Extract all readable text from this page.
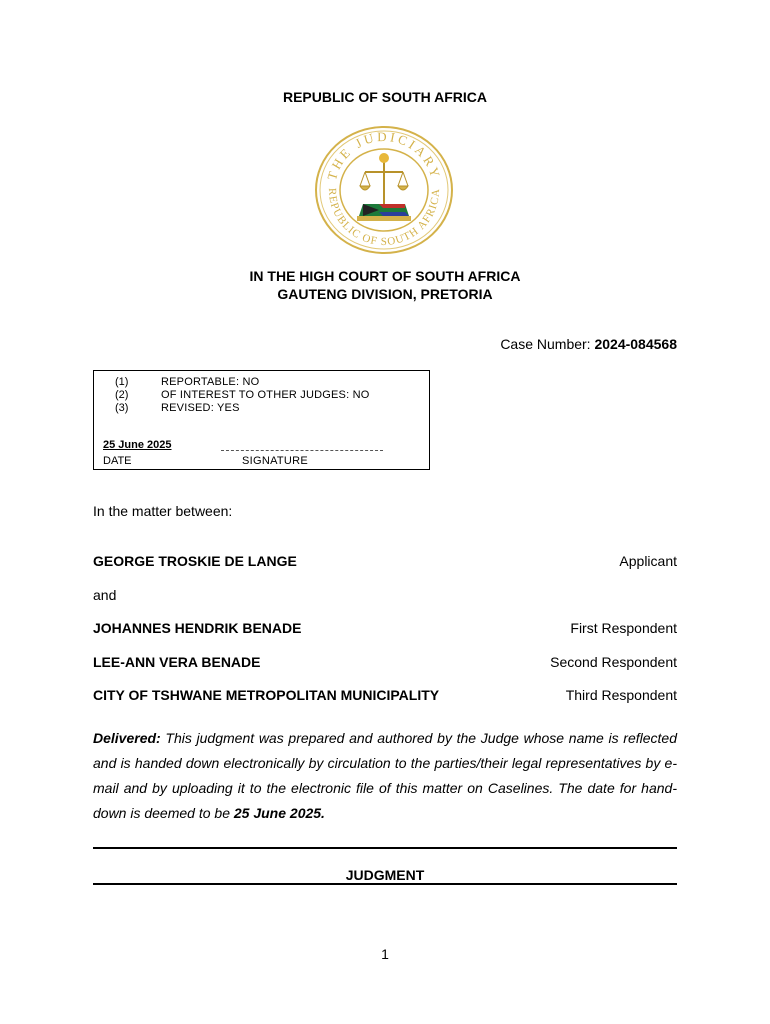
REPUBLIC OF SOUTH AFRICA
THE JUDICIARY
REPUBLIC OF SOUTH AFRICA
IN THE HIGH COURT OF SOUTH AFRICA
GAUTENG DIVISION, PRETORIA
Case Number: 2024-084568
(1)	REPORTABLE: NO
(2)	OF INTEREST TO OTHER JUDGES: NO
(3)	REVISED: YES
25 June 2025
DATE	SIGNATURE
In the matter between:
GEORGE TROSKIE DE LANGE	Applicant
and
JOHANNES HENDRIK BENADE	First Respondent
LEE-ANN VERA BENADE	Second Respondent
CITY OF TSHWANE METROPOLITAN MUNICIPALITY	Third Respondent
Delivered: This judgment was prepared and authored by the Judge whose name is reflected and is handed down electronically by circulation to the parties/their legal representatives by e-mail and by uploading it to the electronic file of this matter on Caselines. The date for hand-down is deemed to be 25 June 2025.
JUDGMENT
1
